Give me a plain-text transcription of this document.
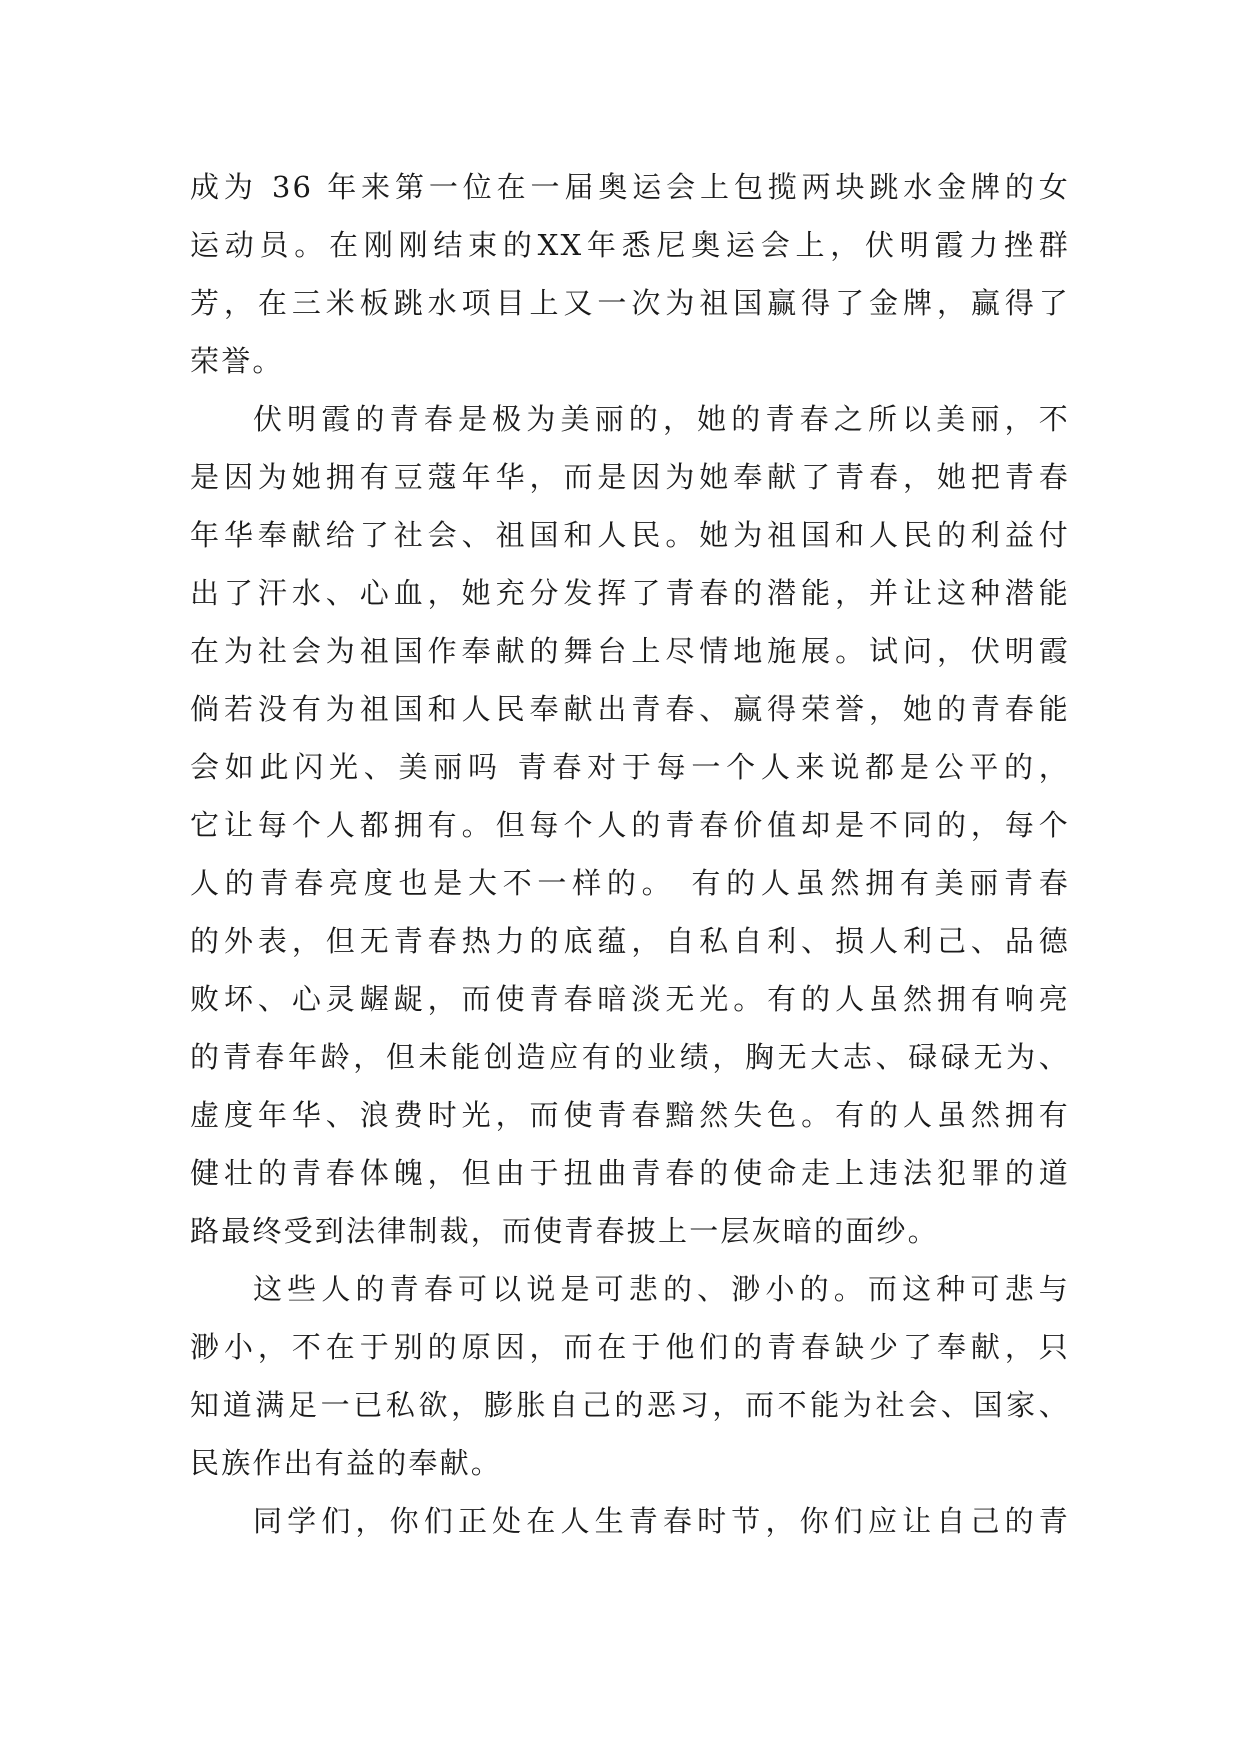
成为 36 年来第一位在一届奥运会上包揽两块跳水金牌的女
运动员。在刚刚结束的XX年悉尼奥运会上，伏明霞力挫群
芳，在三米板跳水项目上又一次为祖国赢得了金牌，赢得了
荣誉。
伏明霞的青春是极为美丽的，她的青春之所以美丽，不
是因为她拥有豆蔻年华，而是因为她奉献了青春，她把青春
年华奉献给了社会、祖国和人民。她为祖国和人民的利益付
出了汗水、心血，她充分发挥了青春的潜能，并让这种潜能
在为社会为祖国作奉献的舞台上尽情地施展。试问，伏明霞
倘若没有为祖国和人民奉献出青春、赢得荣誉，她的青春能
会如此闪光、美丽吗 青春对于每一个人来说都是公平的，
它让每个人都拥有。但每个人的青春价值却是不同的，每个
人的青春亮度也是大不一样的。 有的人虽然拥有美丽青春
的外表，但无青春热力的底蕴，自私自利、损人利己、品德
败坏、心灵龌龊，而使青春暗淡无光。有的人虽然拥有响亮
的青春年龄，但未能创造应有的业绩，胸无大志、碌碌无为、
虚度年华、浪费时光，而使青春黯然失色。有的人虽然拥有
健壮的青春体魄，但由于扭曲青春的使命走上违法犯罪的道
路最终受到法律制裁，而使青春披上一层灰暗的面纱。
这些人的青春可以说是可悲的、渺小的。而这种可悲与
渺小，不在于别的原因，而在于他们的青春缺少了奉献，只
知道满足一已私欲，膨胀自己的恶习，而不能为社会、国家、
民族作出有益的奉献。
同学们，你们正处在人生青春时节，你们应让自己的青
